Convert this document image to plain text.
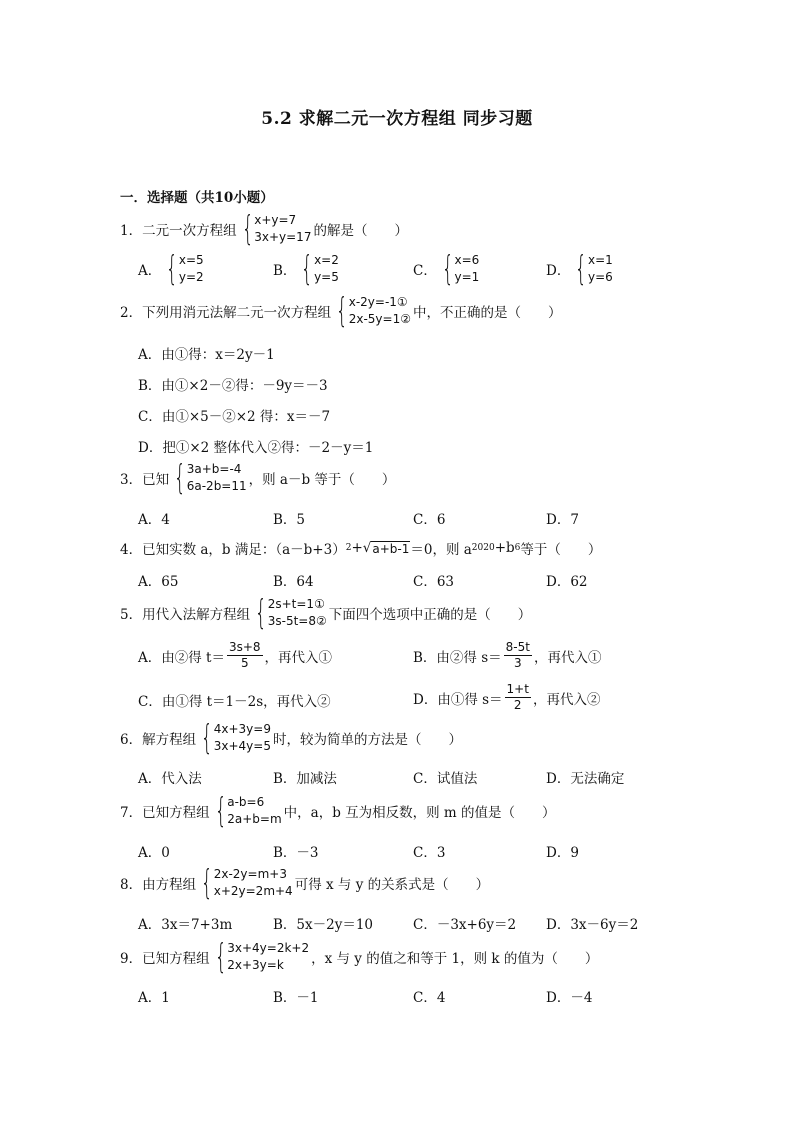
5.2 求解二元一次方程组 同步习题
一．选择题（共10小题）
1．二元一次方程组 { x+y=7
3x+y=17 的解是（　　）
A． { x=5
y=2	B． { x=2
y=5	C． { x=6
y=1	D． { x=1
y=6
2．下列用消元法解二元一次方程组 { x-2y=-1①
2x-5y=1② 中，不正确的是（　　）
A．由①得：x＝2y－1
B．由①×2－②得：－9y＝－3
C．由①×5－②×2 得：x＝－7
D．把①×2 整体代入②得：－2－y＝1
3．已知 { 3a+b=-4
6a-2b=11 ，则 a－b 等于（　　）
A．4	B．5	C．6	D．7
4．已知实数 a，b 满足：（a－b+3） 2 + √ a+b-1 ＝0，则 a 2020 +b 6 等于（　　）
A．65	B．64	C．63	D．62
5．用代入法解方程组 { 2s+t=1①
3s-5t=8② 下面四个选项中正确的是（　　）
A．由②得 $t= \frac{3s+8}{5}$ ，再代入①	B．由②得 $s= \frac{8-5t}{3}$ ，再代入①
C．由①得 t＝1－2s，再代入②	D．由①得 $s= \frac{1+t}{2}$ ，再代入②
6．解方程组 { 4x+3y=9
3x+4y=5 时，较为简单的方法是（　　）
A．代入法	B．加减法	C．试值法	D．无法确定
7．已知方程组 { a-b=6
2a+b=m 中，a，b 互为相反数，则 m 的值是（　　）
A．0	B．－3	C．3	D．9
8．由方程组 { 2x-2y=m+3
x+2y=2m+4 可得 x 与 y 的关系式是（　　）
A．3x＝7+3m	B．5x－2y＝10	C．－3x+6y＝2 D．3x－6y＝2
9．已知方程组 { 3x+4y=2k+2
2x+3y=k	，x 与 y 的值之和等于 1，则 k 的值为（　　）
A．1	B．－1	C．4	D．－4
